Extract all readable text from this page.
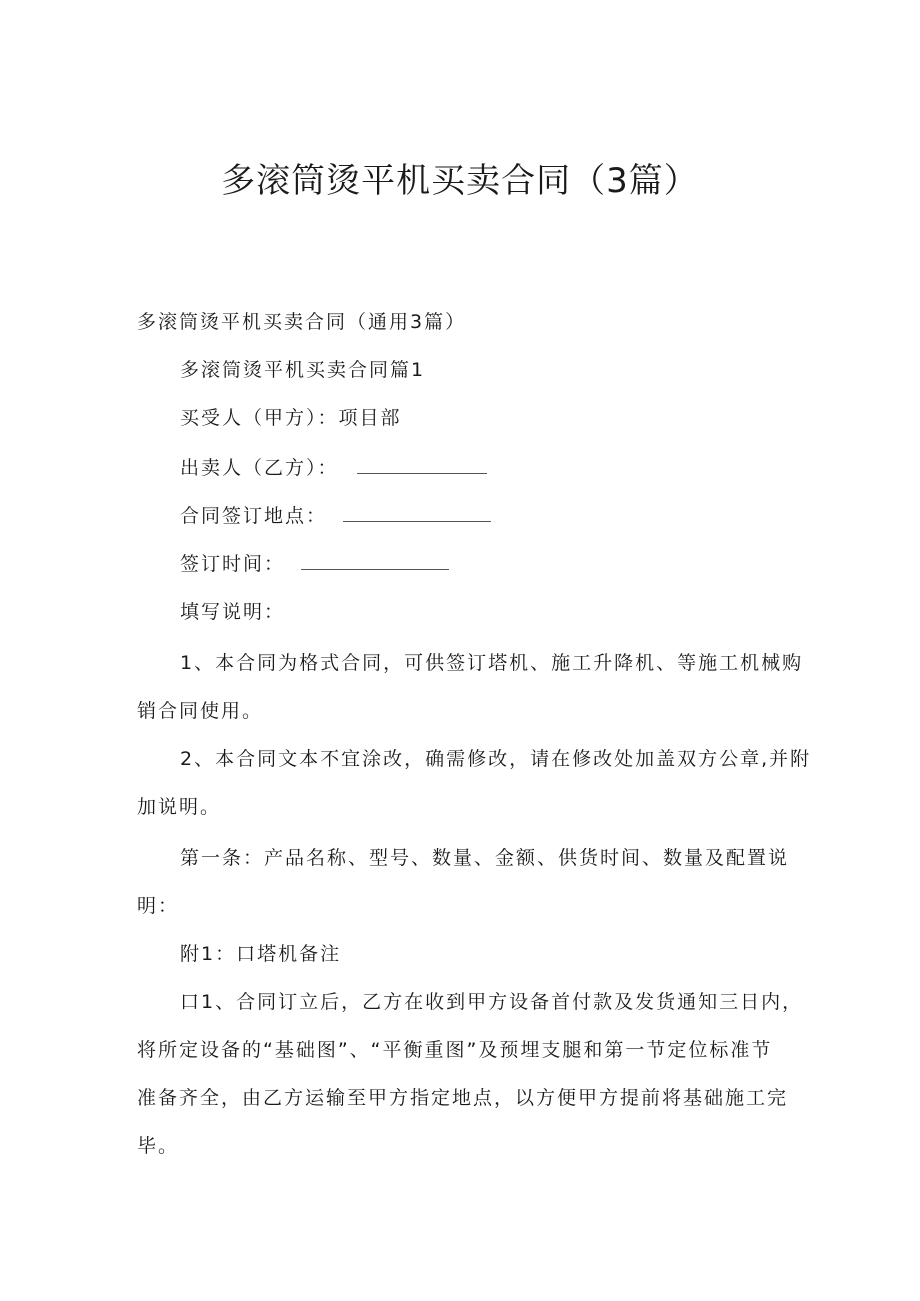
多滚筒烫平机买卖合同（3篇）
多滚筒烫平机买卖合同（通用3篇）
多滚筒烫平机买卖合同篇1
买受人（甲方）：项目部
出卖人（乙方）：
合同签订地点：
签订时间：
填写说明：
1、本合同为格式合同，可供签订塔机、施工升降机、等施工机械购
销合同使用。
2、本合同文本不宜涂改，确需修改，请在修改处加盖双方公章,并附
加说明。
第一条：产品名称、型号、数量、金额、供货时间、数量及配置说
明：
附1：口塔机备注
口1、合同订立后，乙方在收到甲方设备首付款及发货通知三日内，
将所定设备的“基础图”、“平衡重图”及预埋支腿和第一节定位标准节
准备齐全，由乙方运输至甲方指定地点，以方便甲方提前将基础施工完
毕。
